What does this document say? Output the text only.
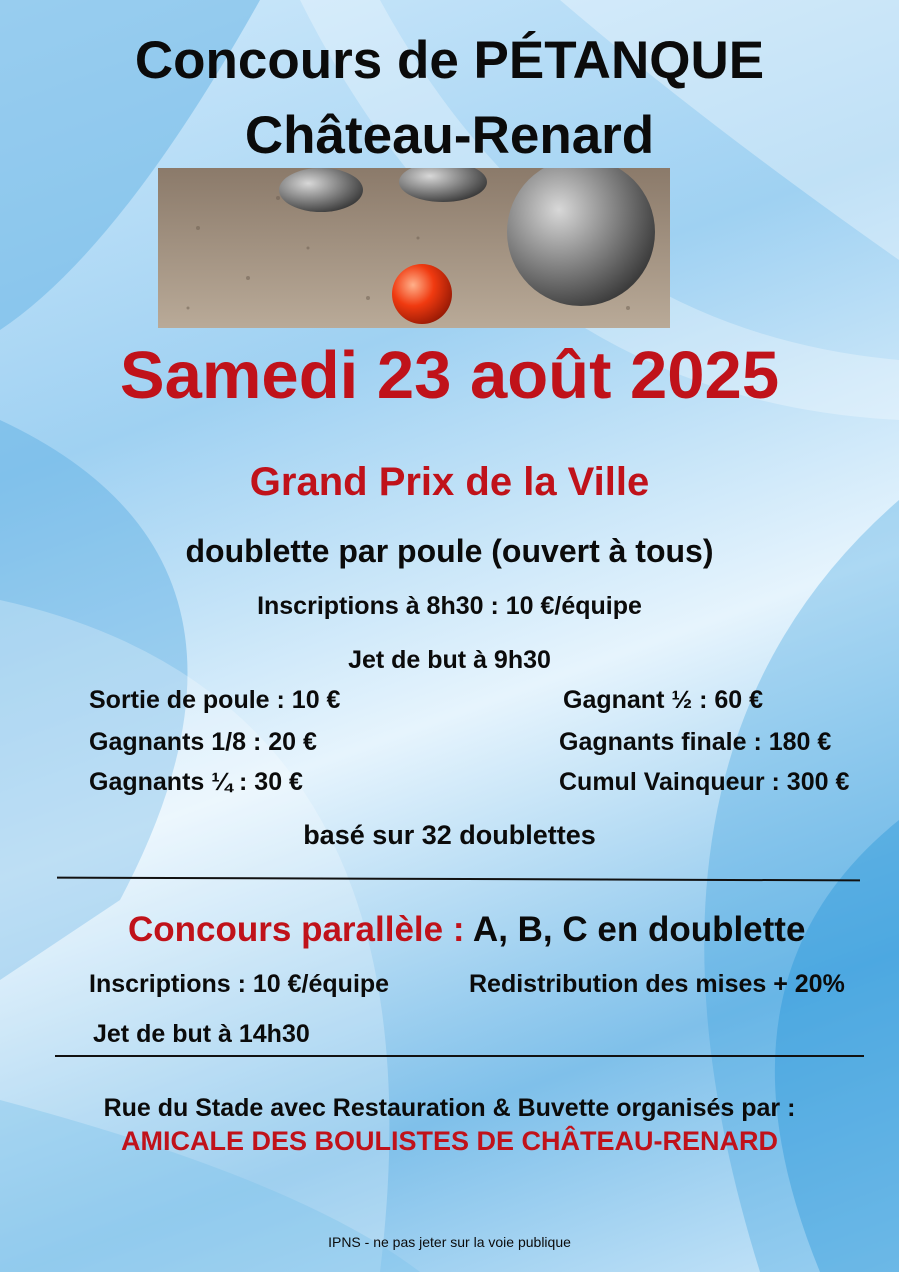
Concours de PÉTANQUE
Château-Renard
Samedi 23 août 2025
Grand Prix de la Ville
doublette par poule (ouvert à tous)
Inscriptions à 8h30 : 10 €/équipe
Jet de but à 9h30
Sortie de poule : 10 €
Gagnants 1/8 : 20 €
Gagnants ¼ : 30 €
Gagnant ½ : 60 €
Gagnants finale : 180 €
Cumul Vainqueur : 300 €
basé sur 32 doublettes
Concours parallèle : A, B, C en doublette
Inscriptions : 10 €/équipe	Redistribution des mises + 20%
Jet de but à 14h30
Rue du Stade avec Restauration & Buvette organisés par :
AMICALE DES BOULISTES DE CHÂTEAU-RENARD
IPNS - ne pas jeter sur la voie publique
